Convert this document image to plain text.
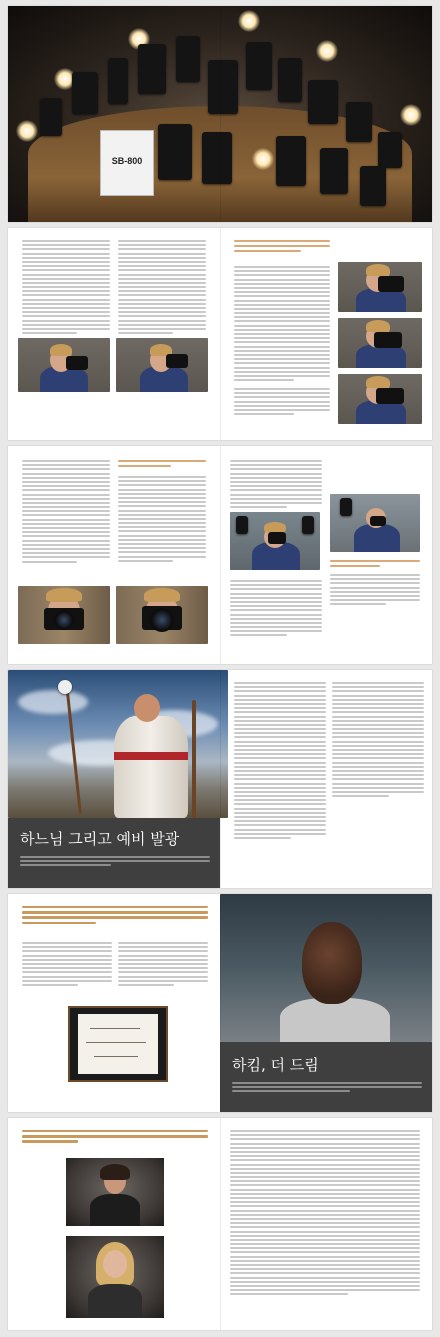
SB-800
하느님 그리고 예비 발광
하킴, 더 드림
